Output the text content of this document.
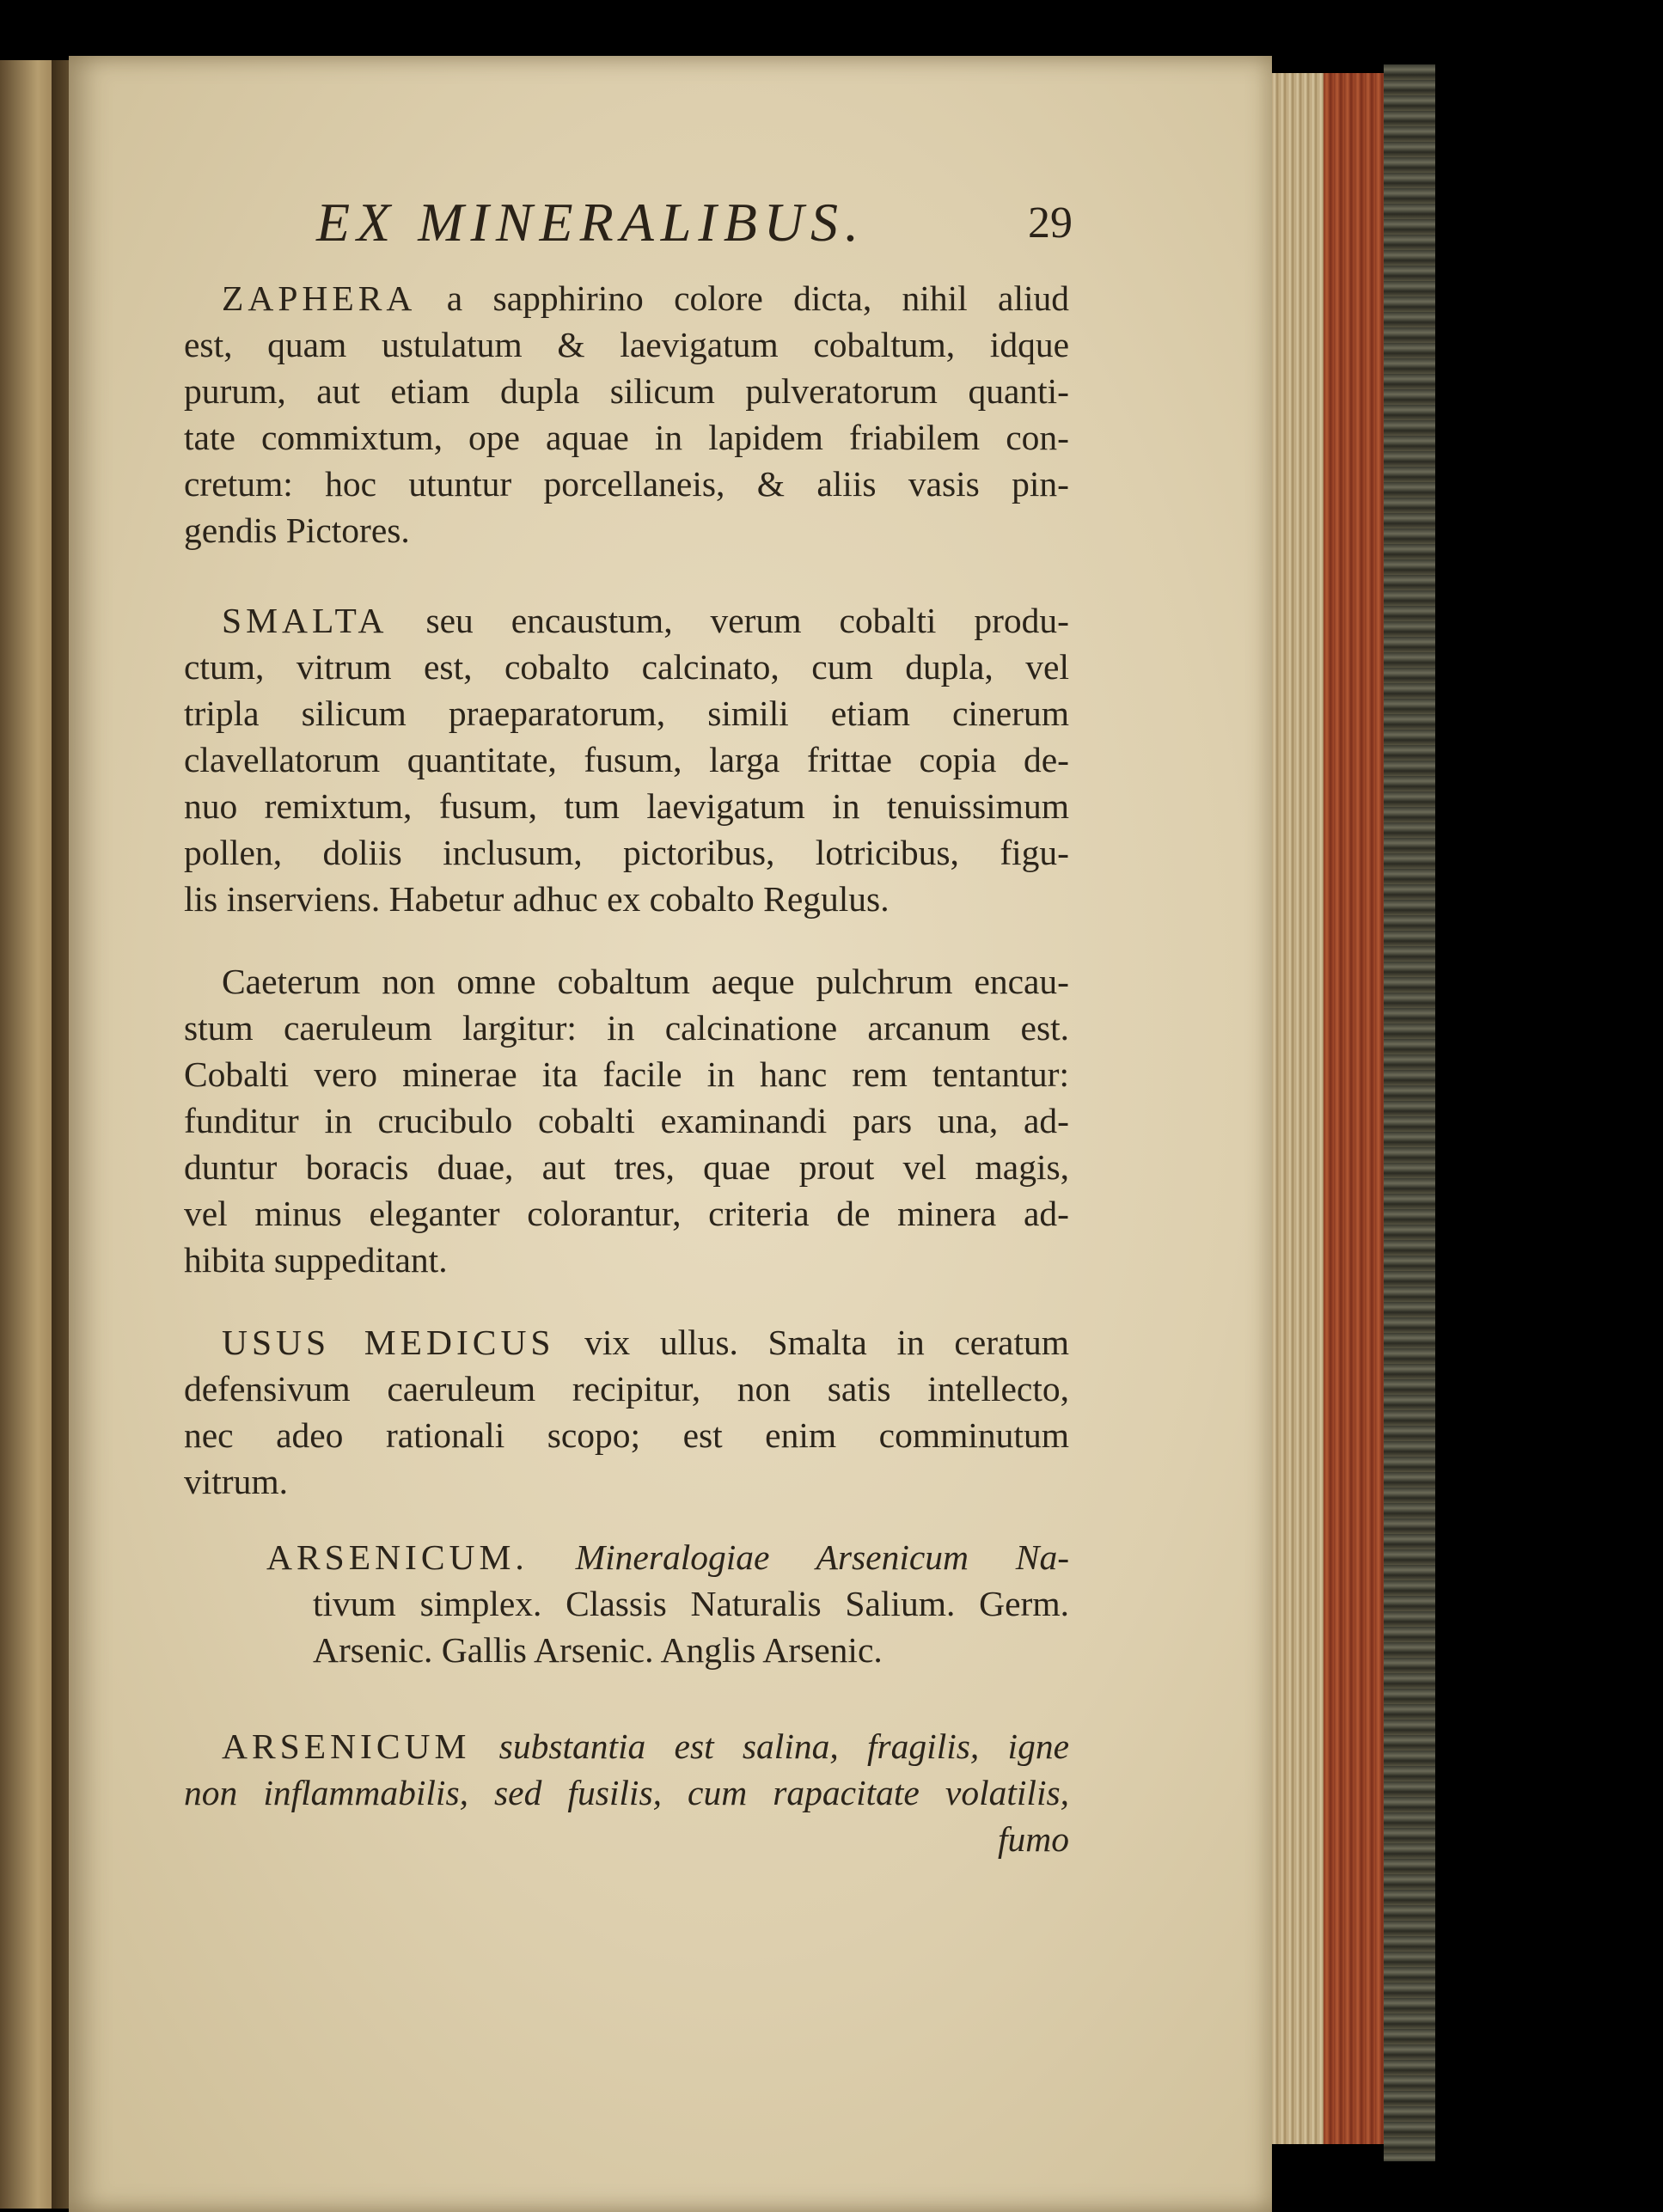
EX MINERALIBUS.	29
ZAPHERA a sapphirino colore dicta, nihil aliud
est, quam ustulatum & laevigatum cobaltum, idque
purum, aut etiam dupla silicum pulveratorum quanti-
tate commixtum, ope aquae in lapidem friabilem con-
cretum: hoc utuntur porcellaneis, & aliis vasis pin-
gendis Pictores.
SMALTA seu encaustum, verum cobalti produ-
ctum, vitrum est, cobalto calcinato, cum dupla, vel
tripla silicum praeparatorum, simili etiam cinerum
clavellatorum quantitate, fusum, larga frittae copia de-
nuo remixtum, fusum, tum laevigatum in tenuissimum
pollen, doliis inclusum, pictoribus, lotricibus, figu-
lis inserviens. Habetur adhuc ex cobalto Regulus.
Caeterum non omne cobaltum aeque pulchrum encau-
stum caeruleum largitur: in calcinatione arcanum est.
Cobalti vero minerae ita facile in hanc rem tentantur:
funditur in crucibulo cobalti examinandi pars una, ad-
duntur boracis duae, aut tres, quae prout vel magis,
vel minus eleganter colorantur, criteria de minera ad-
hibita suppeditant.
USUS MEDICUS vix ullus. Smalta in ceratum
defensivum caeruleum recipitur, non satis intellecto,
nec adeo rationali scopo; est enim comminutum
vitrum.
ARSENICUM. Mineralogiae Arsenicum Na-
tivum simplex. Classis Naturalis Salium. Germ.
Arsenic. Gallis Arsenic. Anglis Arsenic.
ARSENICUM substantia est salina, fragilis, igne
non inflammabilis, sed fusilis, cum rapacitate volatilis,
fumo
